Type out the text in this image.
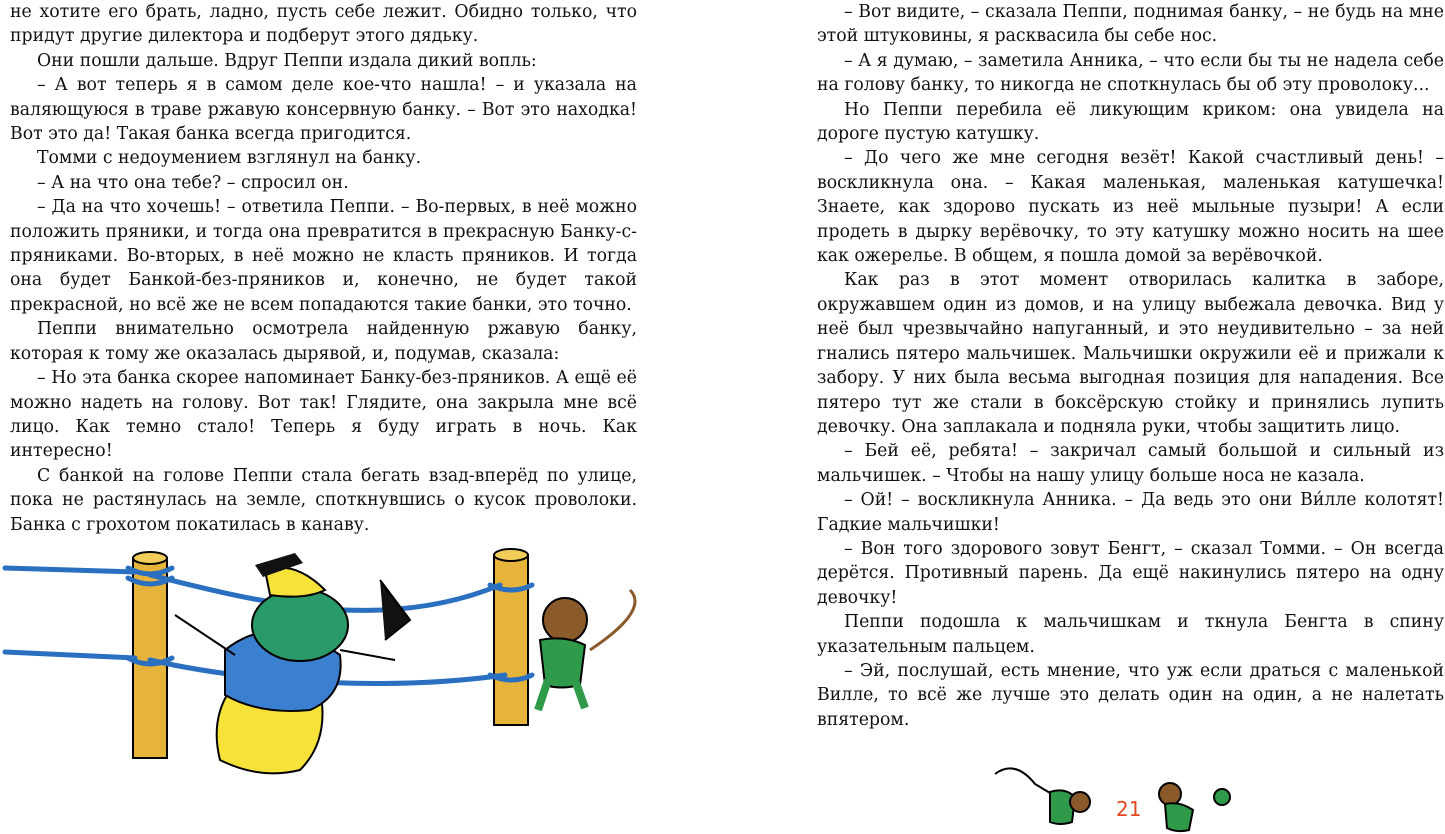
не хотите его брать, ладно, пусть себе лежит. Обидно только, что придут другие дилектора и подберут этого дядьку.

Они пошли дальше. Вдруг Пеппи издала дикий вопль:

– А вот теперь я в самом деле кое-что нашла! – и указала на валяющуюся в траве ржавую консервную банку. – Вот это находка! Вот это да! Такая банка всегда пригодится.

Томми с недоумением взглянул на банку.

– А на что она тебе? – спросил он.

– Да на что хочешь! – ответила Пеппи. – Во-первых, в неё можно положить пряники, и тогда она превратится в прекрасную Банку-с-пряниками. Во-вторых, в неё можно не класть пряников. И тогда она будет Банкой-без-пряников и, конечно, не будет такой прекрасной, но всё же не всем попадаются такие банки, это точно.

Пеппи внимательно осмотрела найденную ржавую банку, которая к тому же оказалась дырявой, и, подумав, сказала:

– Но эта банка скорее напоминает Банку-без-пряников. А ещё её можно надеть на голову. Вот так! Глядите, она закрыла мне всё лицо. Как темно стало! Теперь я буду играть в ночь. Как интересно!

С банкой на голове Пеппи стала бегать взад-вперёд по улице, пока не растянулась на земле, споткнувшись о кусок проволоки. Банка с грохотом покатилась в канаву.

– Вот видите, – сказала Пеппи, поднимая банку, – не будь на мне этой штуковины, я расквасила бы себе нос.

– А я думаю, – заметила Анника, – что если бы ты не надела себе на голову банку, то никогда не споткнулась бы об эту проволоку...

Но Пеппи перебила её ликующим криком: она увидела на дороге пустую катушку.

– До чего же мне сегодня везёт! Какой счастливый день! – воскликнула она. – Какая маленькая, маленькая катушечка! Знаете, как здорово пускать из неё мыльные пузыри! А если продеть в дырку верёвочку, то эту катушку можно носить на шее как ожерелье. В общем, я пошла домой за верёвочкой.

Как раз в этот момент отворилась калитка в заборе, окружавшем один из домов, и на улицу выбежала девочка. Вид у неё был чрезвычайно напуганный, и это неудивительно – за ней гнались пятеро мальчишек. Мальчишки окружили её и прижали к забору. У них была весьма выгодная позиция для нападения. Все пятеро тут же стали в боксёрскую стойку и принялись лупить девочку. Она заплакала и подняла руки, чтобы защитить лицо.

– Бей её, ребята! – закричал самый большой и сильный из мальчишек. – Чтобы на нашу улицу больше носа не казала.

– Ой! – воскликнула Анника. – Да ведь это они Ви́лле колотят! Гадкие мальчишки!

– Вон того здорового зовут Бенгт, – сказал Томми. – Он всегда дерётся. Противный парень. Да ещё накинулись пятеро на одну девочку!

Пеппи подошла к мальчишкам и ткнула Бенгта в спину указательным пальцем.

– Эй, послушай, есть мнение, что уж если драться с маленькой Вилле, то всё же лучше это делать один на один, а не налетать впятером.

21
